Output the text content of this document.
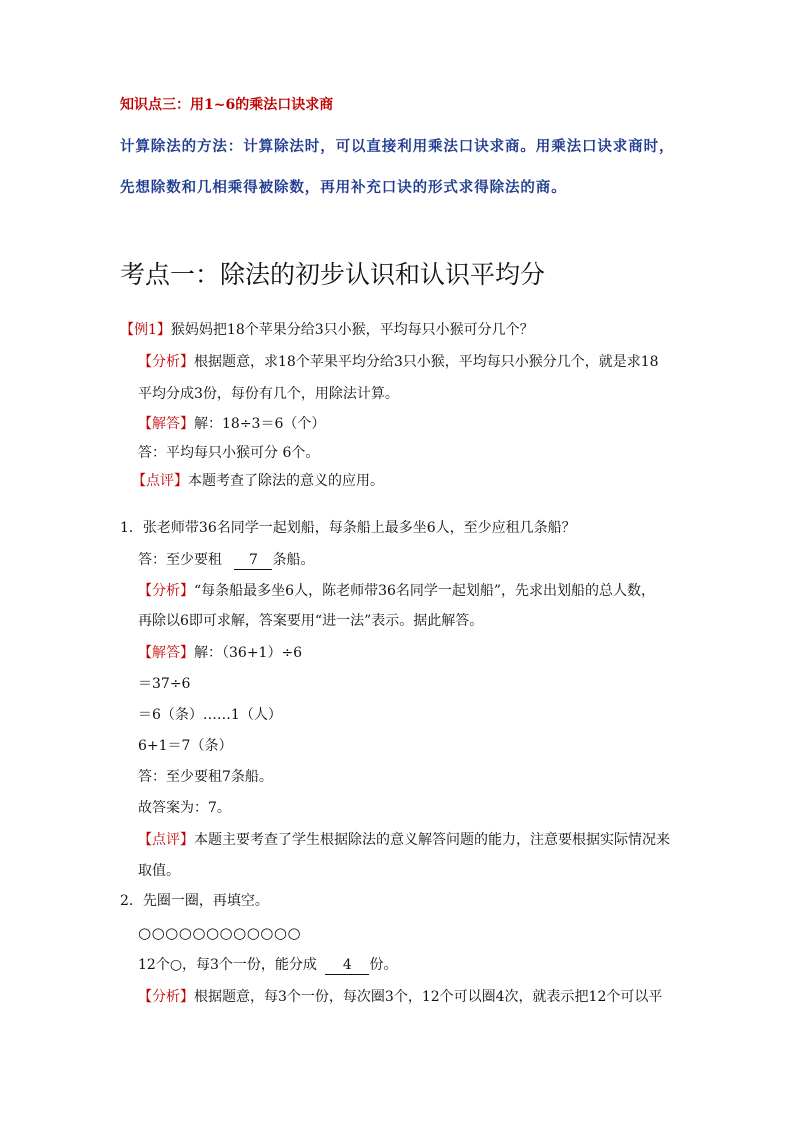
知识点三：用1~6的乘法口诀求商
计算除法的方法：计算除法时，可以直接利用乘法口诀求商。用乘法口诀求商时，
先想除数和几相乘得被除数，再用补充口诀的形式求得除法的商。
考点一：除法的初步认识和认识平均分
【例1】猴妈妈把18个苹果分给3只小猴，平均每只小猴可分几个？
【分析】根据题意，求18个苹果平均分给3只小猴，平均每只小猴分几个，就是求18
平均分成3份，每份有几个，用除法计算。
【解答】解：18÷3＝6（个）
答：平均每只小猴可分 6个。
【点评】本题考查了除法的意义的应用。
1．张老师带36名同学一起划船，每条船上最多坐6人，至少应租几条船？
答：至少要租 7 条船。
【分析】“每条船最多坐6人，陈老师带36名同学一起划船”，先求出划船的总人数，
再除以6即可求解，答案要用“进一法”表示。据此解答。
【解答】解：（36+1）÷6
＝37÷6
＝6（条）……1（人）
6+1＝7（条）
答：至少要租7条船。
故答案为：7。
【点评】本题主要考查了学生根据除法的意义解答问题的能力，注意要根据实际情况来
取值。
2．先圈一圈，再填空。
○○○○○○○○○○○○
12个○，每3个一份，能分成 4 份。
【分析】根据题意，每3个一份，每次圈3个，12个可以圈4次，就表示把12个可以平
